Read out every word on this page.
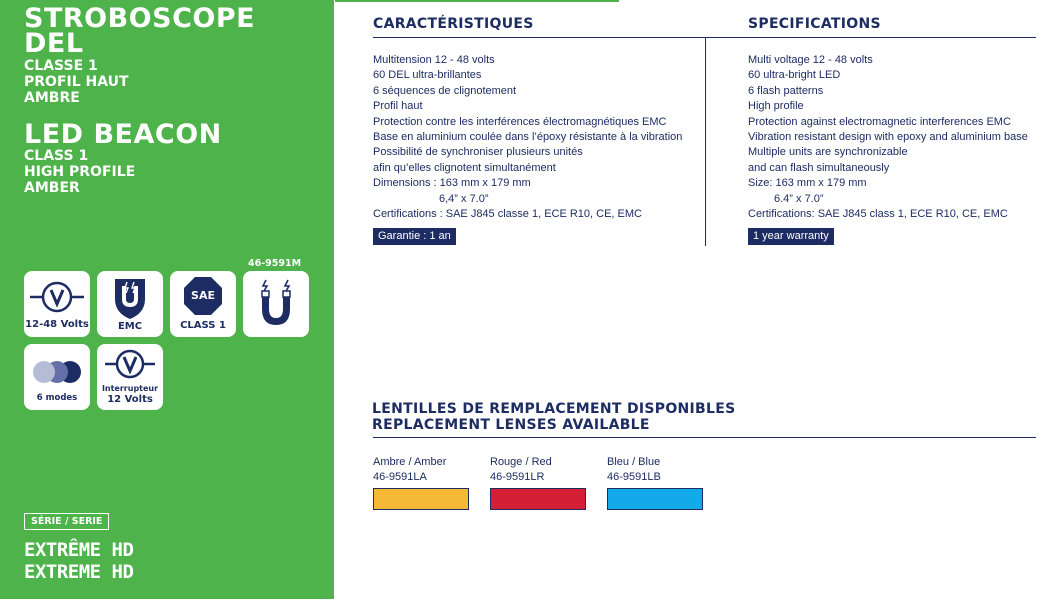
STROBOSCOPE
DEL
CLASSE 1
PROFIL HAUT
AMBRE
LED BEACON
CLASS 1
HIGH PROFILE
AMBER
46-9591M
12-48 Volts	EMC
SAE
CLASS 1
6 modes
Interrupteur
12 Volts
SÉRIE / SERIE
EXTRÊME HD
EXTREME HD
CARACTÉRISTIQUES	SPECIFICATIONS
Multitension 12 - 48 volts
60 DEL ultra-brillantes
6 séquences de clignotement
Profil haut
Protection contre les interférences électromagnétiques EMC
Base en aluminium coulée dans l’époxy résistante à la vibration
Possibilité de synchroniser plusieurs unités
afin qu’elles clignotent simultanément
Dimensions : 163 mm x 179 mm
6,4” x 7.0”
Certifications : SAE J845 classe 1, ECE R10, CE, EMC
Garantie : 1 an
Multi voltage 12 - 48 volts
60 ultra-bright LED
6 flash patterns
High profile
Protection against electromagnetic interferences EMC
Vibration resistant design with epoxy and aluminium base
Multiple units are synchronizable
and can flash simultaneously
Size: 163 mm x 179 mm
6.4” x 7.0”
Certifications: SAE J845 class 1, ECE R10, CE, EMC
1 year warranty
LENTILLES DE REMPLACEMENT DISPONIBLES
REPLACEMENT LENSES AVAILABLE
Ambre / Amber
46-9591LA
Rouge / Red
46-9591LR
Bleu / Blue
46-9591LB
